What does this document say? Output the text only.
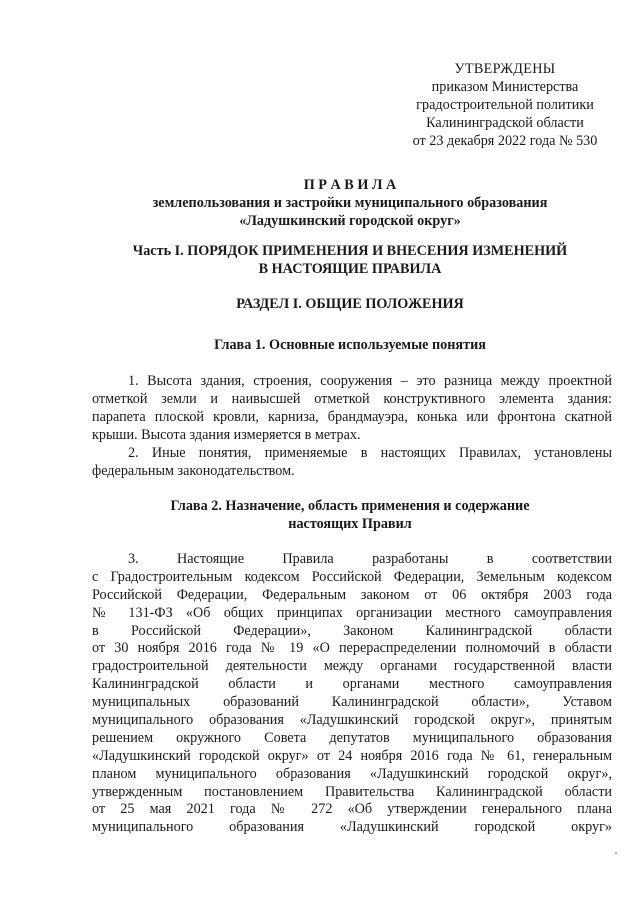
УТВЕРЖДЕНЫ
приказом Министерства
градостроительной политики
Калининградской области
от 23 декабря 2022 года № 530
П Р А В И Л А
землепользования и застройки муниципального образования
«Ладушкинский городской округ»
Часть I. ПОРЯДОК ПРИМЕНЕНИЯ И ВНЕСЕНИЯ ИЗМЕНЕНИЙ
В НАСТОЯЩИЕ ПРАВИЛА
РАЗДЕЛ I. ОБЩИЕ ПОЛОЖЕНИЯ
Глава 1. Основные используемые понятия
1. Высота здания, строения, сооружения – это разница между проектной
отметкой земли и наивысшей отметкой конструктивного элемента здания:
парапета плоской кровли, карниза, брандмауэра, конька или фронтона скатной
крыши. Высота здания измеряется в метрах.
2. Иные понятия, применяемые в настоящих Правилах, установлены
федеральным законодательством.
Глава 2. Назначение, область применения и содержание
настоящих Правил
3. Настоящие Правила разработаны в соответствии
с Градостроительным кодексом Российской Федерации, Земельным кодексом
Российской Федерации, Федеральным законом от 06 октября 2003 года
№ 131-ФЗ «Об общих принципах организации местного самоуправления
в Российской Федерации», Законом Калининградской области
от 30 ноября 2016 года № 19 «О перераспределении полномочий в области
градостроительной деятельности между органами государственной власти
Калининградской области и органами местного самоуправления
муниципальных образований Калининградской области», Уставом
муниципального образования «Ладушкинский городской округ», принятым
решением окружного Совета депутатов муниципального образования
«Ладушкинский городской округ» от 24 ноября 2016 года № 61, генеральным
планом муниципального образования «Ладушкинский городской округ»,
утвержденным постановлением Правительства Калининградской области
от 25 мая 2021 года № 272 «Об утверждении генерального плана
муниципального образования «Ладушкинский городской округ»
